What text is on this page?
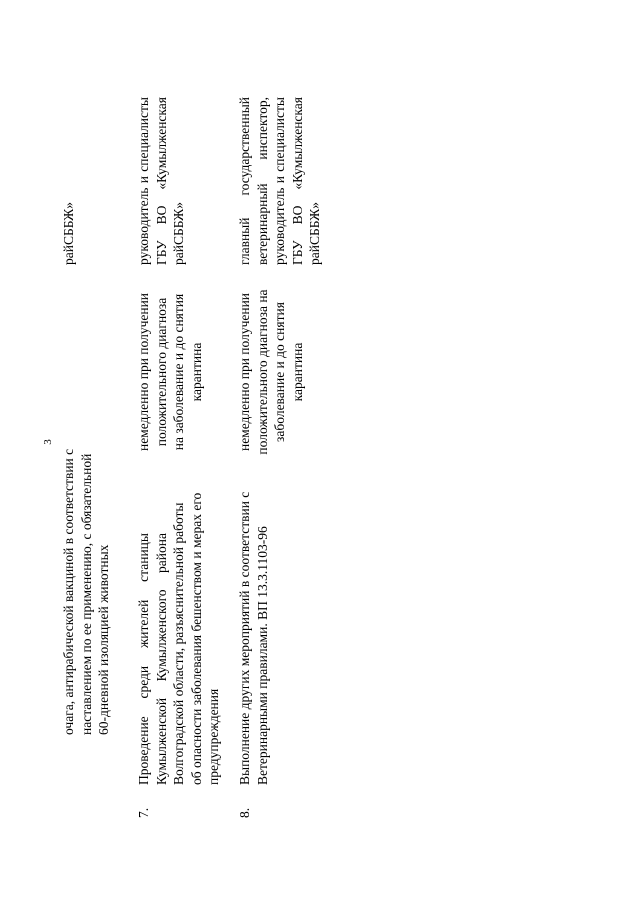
3
очага, антирабической вакциной в соответствии с наставлением по ее применению, с обязательной 60-дневной изоляцией животных
райСББЖ»
7.
Проведение
среди
жителей
станицы
Кумылженской
Кумылженского
района Волгоградской области, разъяснительной работы об опасности заболевания бешенством и мерах его предупреждения
немедленно при получении положительного диагноза на заболевание и до снятия карантина
руководитель
и
специалисты
ГБУ
ВО
«Кумылженская
райСББЖ»
8.
Выполнение других мероприятий в соответствии с Ветеринарными правилами. ВП 13.3.1103-96
немедленно при получении положительного диагноза на заболевание и до снятия карантина
главный
государственный
ветеринарный
инспектор,
руководитель
и
специалисты
ГБУ
ВО
«Кумылженская
райСББЖ»
